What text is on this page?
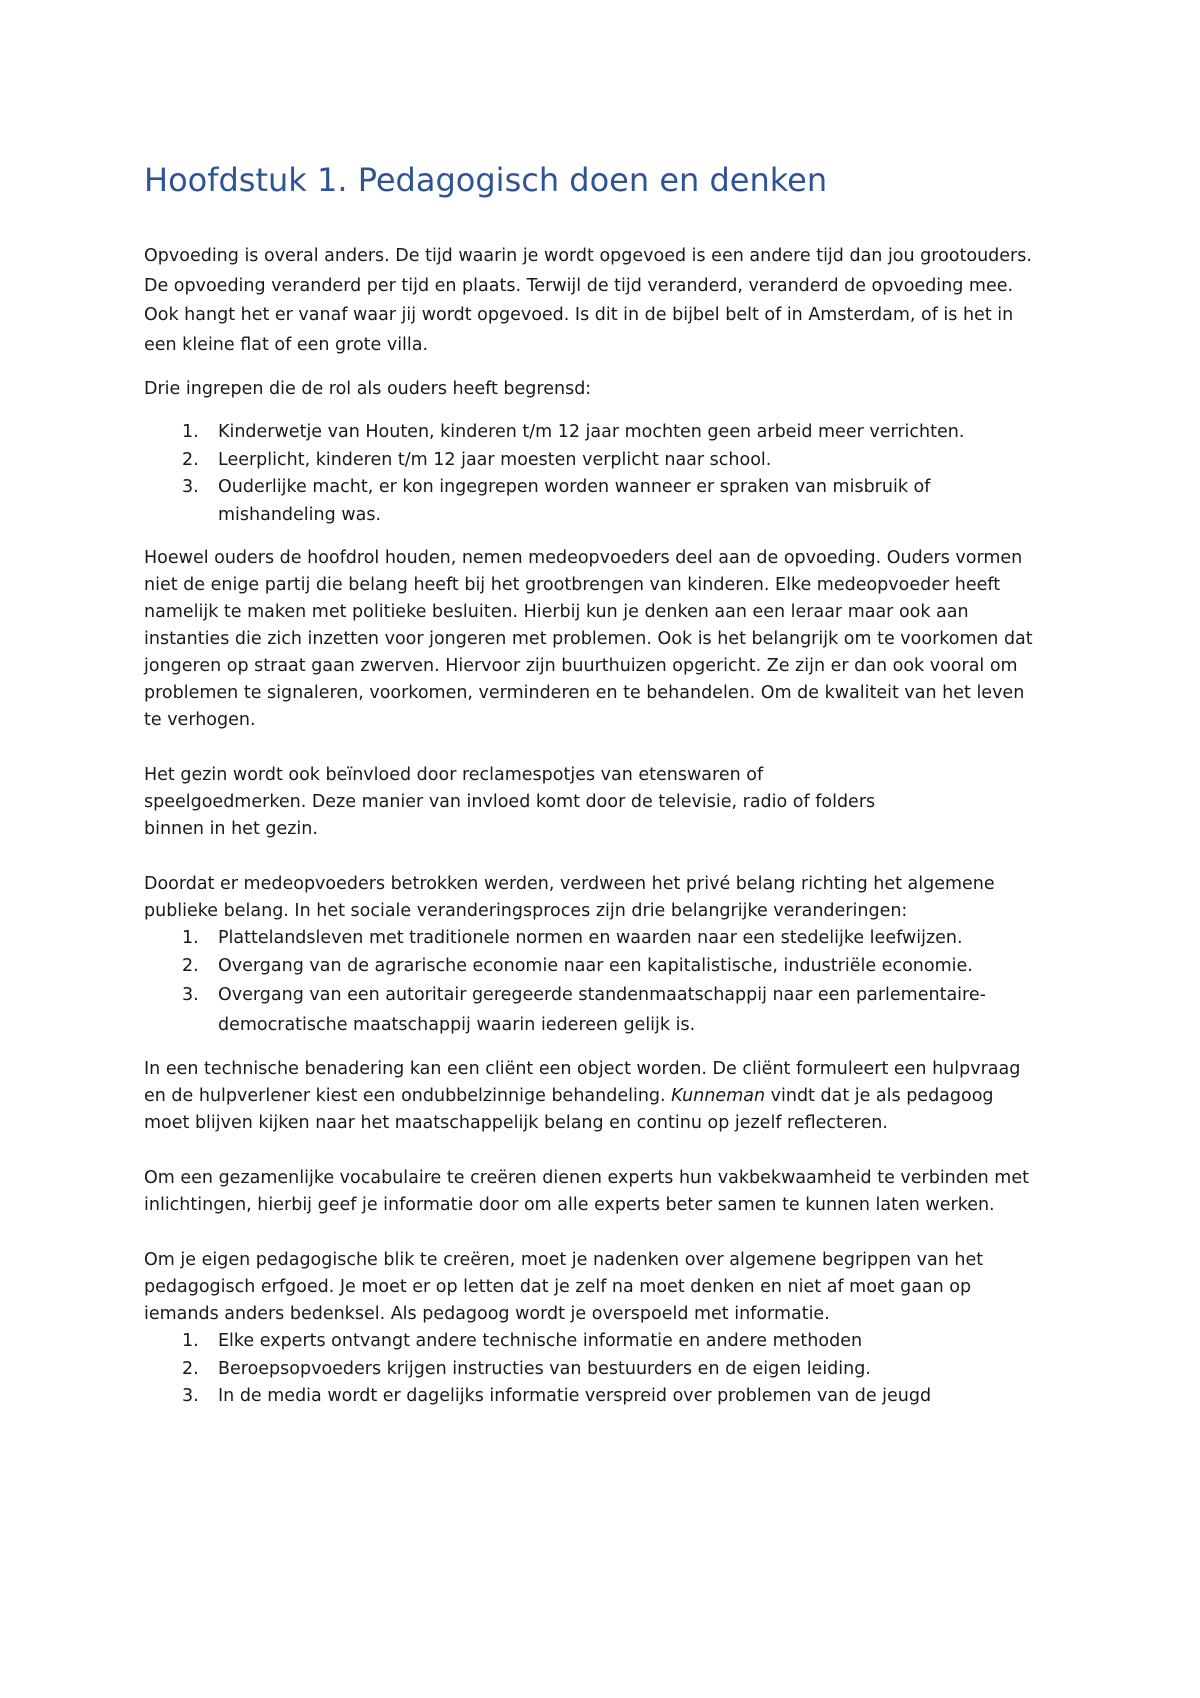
Hoofdstuk 1. Pedagogisch doen en denken

Opvoeding is overal anders. De tijd waarin je wordt opgevoed is een andere tijd dan jou grootouders.
De opvoeding veranderd per tijd en plaats. Terwijl de tijd veranderd, veranderd de opvoeding mee.
Ook hangt het er vanaf waar jij wordt opgevoed. Is dit in de bijbel belt of in Amsterdam, of is het in
een kleine flat of een grote villa.

Drie ingrepen die de rol als ouders heeft begrensd:

1. Kinderwetje van Houten, kinderen t/m 12 jaar mochten geen arbeid meer verrichten.
2. Leerplicht, kinderen t/m 12 jaar moesten verplicht naar school.
3. Ouderlijke macht, er kon ingegrepen worden wanneer er spraken van misbruik of
mishandeling was.

Hoewel ouders de hoofdrol houden, nemen medeopvoeders deel aan de opvoeding. Ouders vormen
niet de enige partij die belang heeft bij het grootbrengen van kinderen. Elke medeopvoeder heeft
namelijk te maken met politieke besluiten. Hierbij kun je denken aan een leraar maar ook aan
instanties die zich inzetten voor jongeren met problemen. Ook is het belangrijk om te voorkomen dat
jongeren op straat gaan zwerven. Hiervoor zijn buurthuizen opgericht. Ze zijn er dan ook vooral om
problemen te signaleren, voorkomen, verminderen en te behandelen. Om de kwaliteit van het leven
te verhogen.

Het gezin wordt ook beïnvloed door reclamespotjes van etenswaren of
speelgoedmerken. Deze manier van invloed komt door de televisie, radio of folders
binnen in het gezin.

Doordat er medeopvoeders betrokken werden, verdween het privé belang richting het algemene
publieke belang. In het sociale veranderingsproces zijn drie belangrijke veranderingen:

1. Plattelandsleven met traditionele normen en waarden naar een stedelijke leefwijzen.
2. Overgang van de agrarische economie naar een kapitalistische, industriële economie.
3. Overgang van een autoritair geregeerde standenmaatschappij naar een parlementaire-
democratische maatschappij waarin iedereen gelijk is.

In een technische benadering kan een cliënt een object worden. De cliënt formuleert een hulpvraag
en de hulpverlener kiest een ondubbelzinnige behandeling. Kunneman vindt dat je als pedagoog
moet blijven kijken naar het maatschappelijk belang en continu op jezelf reflecteren.

Om een gezamenlijke vocabulaire te creëren dienen experts hun vakbekwaamheid te verbinden met
inlichtingen, hierbij geef je informatie door om alle experts beter samen te kunnen laten werken.

Om je eigen pedagogische blik te creëren, moet je nadenken over algemene begrippen van het
pedagogisch erfgoed. Je moet er op letten dat je zelf na moet denken en niet af moet gaan op
iemands anders bedenksel. Als pedagoog wordt je overspoeld met informatie.

1. Elke experts ontvangt andere technische informatie en andere methoden
2. Beroepsopvoeders krijgen instructies van bestuurders en de eigen leiding.
3. In de media wordt er dagelijks informatie verspreid over problemen van de jeugd
